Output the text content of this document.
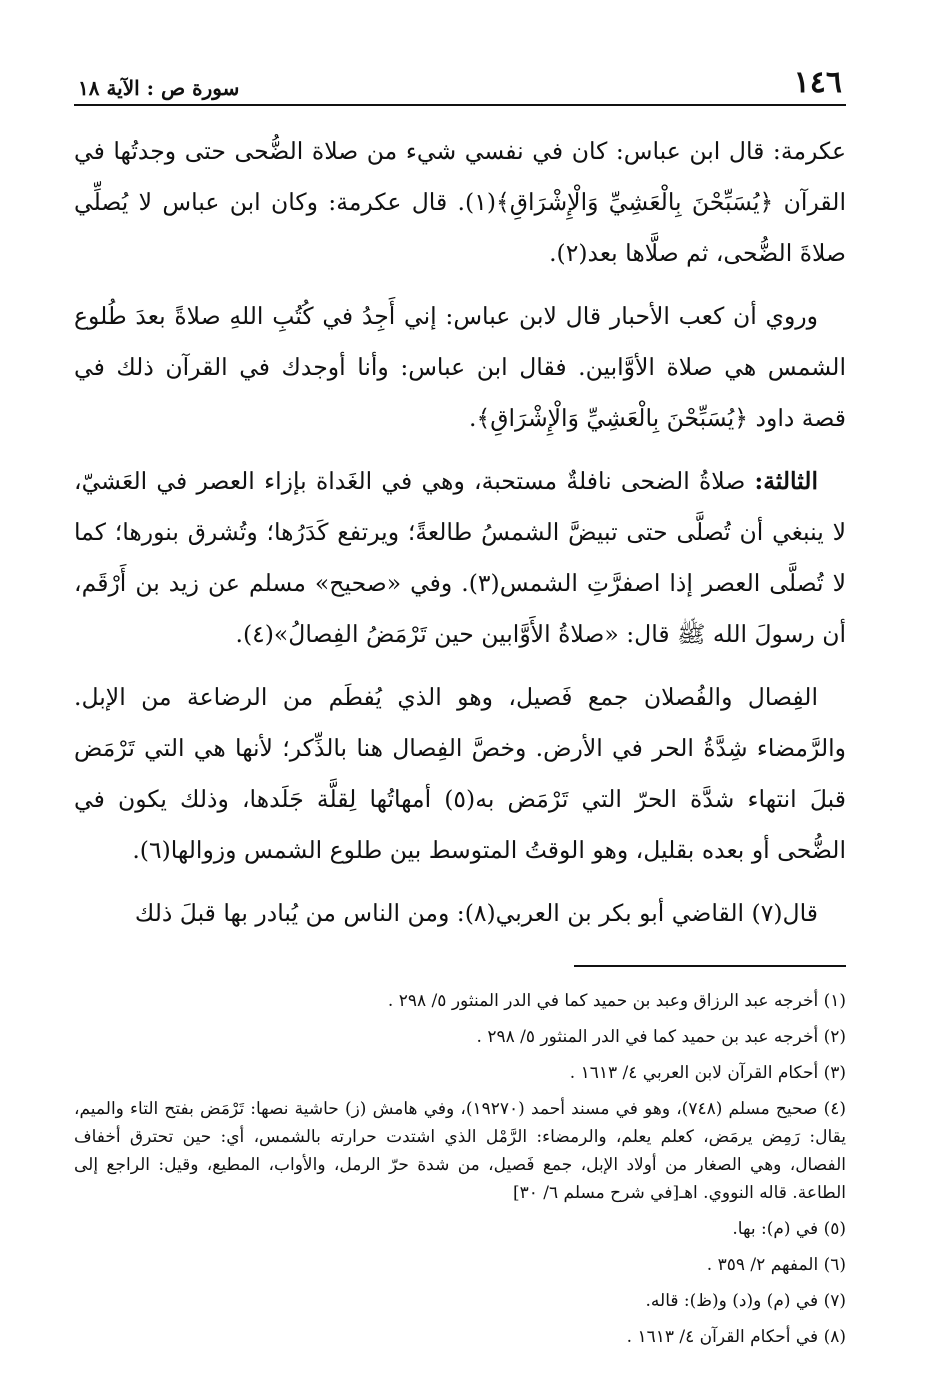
١٤٦
سورة ص : الآية ١٨

عكرمة: قال ابن عباس: كان في نفسي شيء من صلاة الضُّحى حتى وجدتُها في القرآن ﴿يُسَبِّحْنَ بِالْعَشِيِّ وَالْإِشْرَاقِ﴾(١). قال عكرمة: وكان ابن عباس لا يُصلِّي صلاةَ الضُّحى، ثم صلَّاها بعد(٢).

وروي أن كعب الأحبار قال لابن عباس: إني أَجِدُ في كُتُبِ اللهِ صلاةً بعدَ طُلوع الشمس هي صلاة الأوَّابين. فقال ابن عباس: وأنا أوجدك في القرآن ذلك في قصة داود ﴿يُسَبِّحْنَ بِالْعَشِيِّ وَالْإِشْرَاقِ﴾.

الثالثة: صلاةُ الضحى نافلةٌ مستحبة، وهي في الغَداة بإزاء العصر في العَشيّ، لا ينبغي أن تُصلَّى حتى تبيضَّ الشمسُ طالعةً؛ ويرتفع كَدَرُها؛ وتُشرق بنورها؛ كما لا تُصلَّى العصر إذا اصفرَّتِ الشمس(٣). وفي «صحيح» مسلم عن زيد بن أَرْقَم، أن رسولَ الله ﷺ قال: «صلاةُ الأَوَّابين حين تَرْمَضُ الفِصالُ»(٤).

الفِصال والفُصلان جمع فَصيل، وهو الذي يُفطَم من الرضاعة من الإبل. والرَّمضاء شِدَّةُ الحر في الأرض. وخصَّ الفِصال هنا بالذِّكر؛ لأنها هي التي تَرْمَض قبلَ انتهاء شدَّة الحرّ التي تَرْمَض به(٥) أمهاتُها لِقلَّة جَلَدها، وذلك يكون في الضُّحى أو بعده بقليل، وهو الوقتُ المتوسط بين طلوع الشمس وزوالها(٦).

قال(٧) القاضي أبو بكر بن العربي(٨): ومن الناس من يُبادر بها قبلَ ذلك

(١) أخرجه عبد الرزاق وعبد بن حميد كما في الدر المنثور ٥/ ٢٩٨ .

(٢) أخرجه عبد بن حميد كما في الدر المنثور ٥/ ٢٩٨ .

(٣) أحكام القرآن لابن العربي ٤/ ١٦١٣ .

(٤) صحيح مسلم (٧٤٨)، وهو في مسند أحمد (١٩٢٧٠)، وفي هامش (ز) حاشية نصها: تَرْمَض بفتح التاء والميم، يقال: رَمِض يرمَض، كعلم يعلم، والرمضاء: الرَّمْل الذي اشتدت حرارته بالشمس، أي: حين تحترق أخفاف الفصال، وهي الصغار من أولاد الإبل، جمع فَصيل، من شدة حرّ الرمل، والأواب، المطيع، وقيل: الراجع إلى الطاعة. قاله النووي. اهـ[في شرح مسلم ٦/ ٣٠]

(٥) في (م): بها.

(٦) المفهم ٢/ ٣٥٩ .

(٧) في (م) و(د) و(ظ): قاله.

(٨) في أحكام القرآن ٤/ ١٦١٣ .
